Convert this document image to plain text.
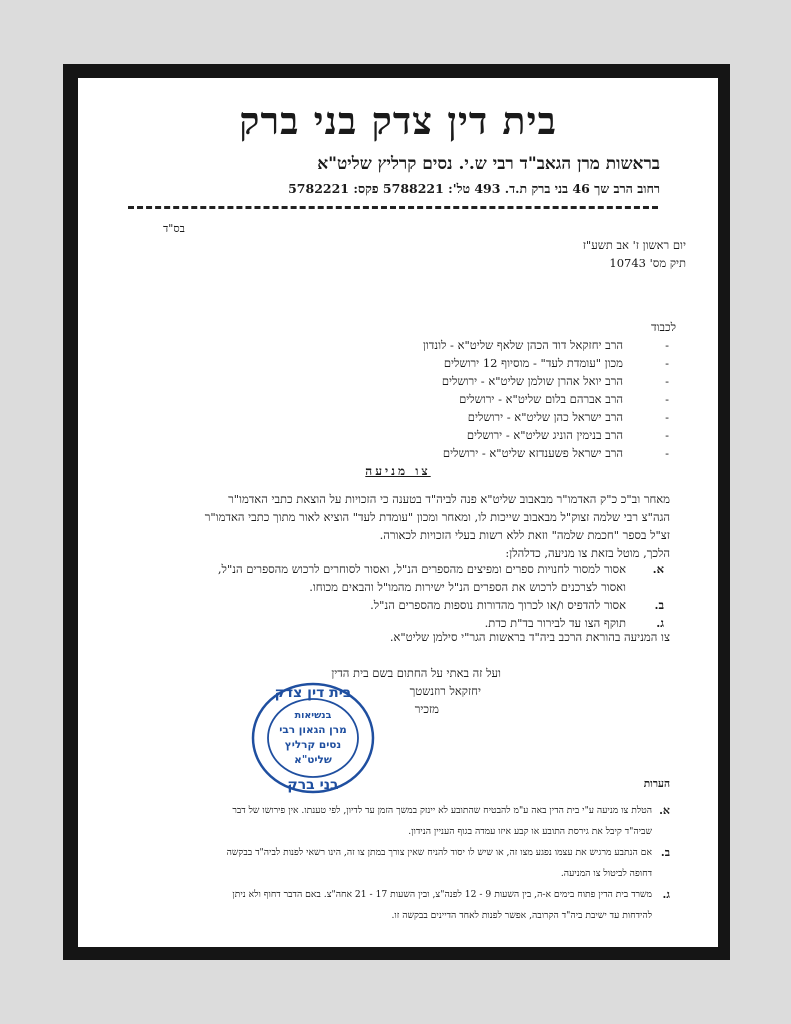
בית דין צדק בני ברק
בראשות מרן הגאב"ד רבי ש.י. נסים קרליץ שליט"א
רחוב הרב שך 46 בני ברק ת.ד. 493 טל': 5788221 פקס: 5782221
בס"ד
יום ראשון ז' אב תשע"ז
תיק מס' 10743
לכבוד
-
הרב יחזקאל דוד הכהן שלאף שליט"א - לונדון
-
מכון "עומדת לעד" - מוסיוף 12 ירושלים
-
הרב יואל אהרן שולמן שליט"א - ירושלים
-
הרב אברהם בלום שליט"א - ירושלים
-
הרב ישראל כהן שליט"א - ירושלים
-
הרב בנימין הוניג שליט"א - ירושלים
-
הרב ישראל פשענדזא שליט"א - ירושלים
צו מניעה
מאחר וב"כ כ"ק האדמו"ר מבאבוב שליט"א פנה לביה"ד בטענה כי הזכויות על הוצאת כתבי האדמו"ר
הגה"צ רבי שלמה זצוק"ל מבאבוב שייכות לו, ומאחר ומכון "עומדת לעד" הוציא לאור מתוך כתבי האדמו"ר
זצ"ל בספר "חכמת שלמה" וזאת ללא רשות בעלי הזכויות לכאורה.
הלכך, מוטל בזאת צו מניעה, כדלהלן:
א.
אסור למסור לחנויות ספרים ומפיצים מהספרים הנ"ל, ואסור לסוחרים לרכוש מהספרים הנ"ל,
ואסור לצרכנים לרכוש את הספרים הנ"ל ישירות מהמו"ל והבאים מכוחו.
ב.
אסור להדפיס ו/או לכרוך מהדורות נוספות מהספרים הנ"ל.
ג.
תוקף הצו עד לבירור בד"ת כדת.
צו המניעה בהוראת הרכב ביה"ד בראשות הגר"י סילמן שליט"א.
ועל זה באתי על החתום בשם בית הדין
יחזקאל רוזנשטך
מזכיר
בית דין צדק
בנשיאות
מרן הגאון רבי
נסים קרליץ
שליט"א
בני ברק	הערות
א.
הטלת צו מניעה ע"י בית הדין באה ע"מ להבטיח שהתובע לא יינזק במשך הזמן עד לדיון, לפי טענתו. אין פירושו של דבר
שביה"ד קיבל את גירסת התובע או קבע איזו עמדה בגוף העניין הנידון.
ב.
אם הנתבע מרגיש את עצמו נפגע מצו זה, או שיש לו יסוד להניח שאין צורך במתן צו זה, הינו רשאי לפנות לביה"ד בבקשה
דחופה לביטול צו המניעה.
ג.
משרד בית הדין פתוח בימים א-ה, בין השעות 9 - 12 לפנה"צ, ובין השעות 17 - 21 אחה"צ. באם הדבר דחוף ולא ניתן
להידחות עד ישיבת ביה"ד הקרובה, אפשר לפנות לאחד הדיינים בבקשה זו.
